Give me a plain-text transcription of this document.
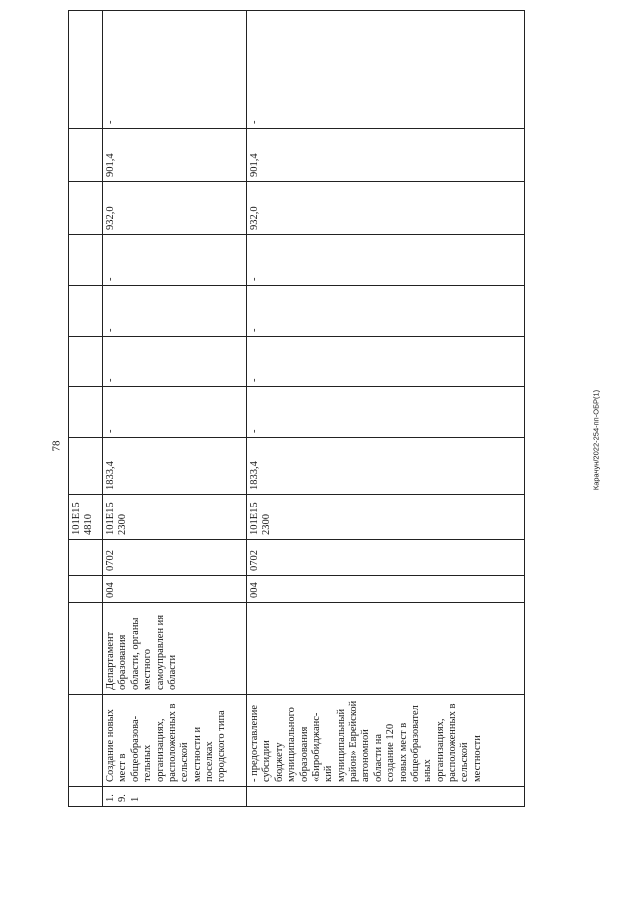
78	Карачун/2022-254-пп-ОБР(1)
					101E15 4810								
1.9.1	Создание новых мест в общеобразова-тельных организациях, расположенных в сельской местности и поселках городского типа	Департамент образования области, органы местного самоуправлен ия области	004	0702	101E15 2300	1833,4	-	-	-	-	932,0	901,4	-
	- предоставление субсидии бюджету муниципального образования «Биробиджанс-кий муниципальный район» Еврейской автономной области на создание 120 новых мест в общеобразовател ьных организациях, расположенных в сельской местности		004	0702	101E15 2300	1833,4	-	-	-	-	932,0	901,4	-
